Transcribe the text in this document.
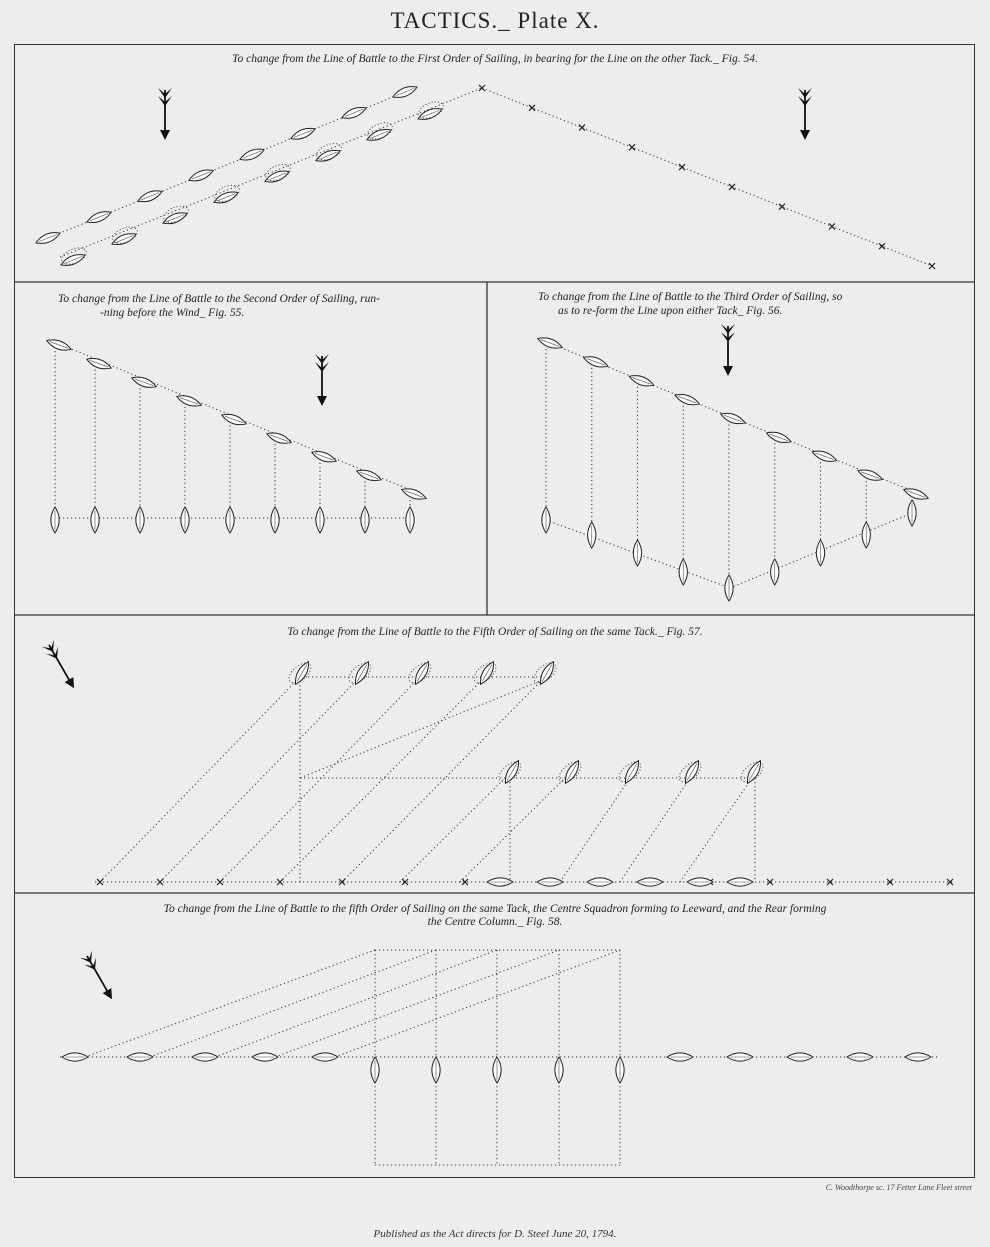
TACTICS._ Plate X.
To change from the Line of Battle to the First Order of Sailing, in bearing for the Line on the other Tack._ Fig. 54.
To change from the Line of Battle to the Second Order of Sailing, run-
-ning before the Wind_ Fig. 55.
To change from the Line of Battle to the Third Order of Sailing, so
as to re-form the Line upon either Tack_ Fig. 56.
To change from the Line of Battle to the Fifth Order of Sailing on the same Tack._ Fig. 57.
To change from the Line of Battle to the fifth Order of Sailing on the same Tack, the Centre Squadron forming to Leeward, and the Rear forming
the Centre Column._ Fig. 58.
C. Woodthorpe sc. 17 Fetter Lane Fleet street
Published as the Act directs for D. Steel June 20, 1794.
